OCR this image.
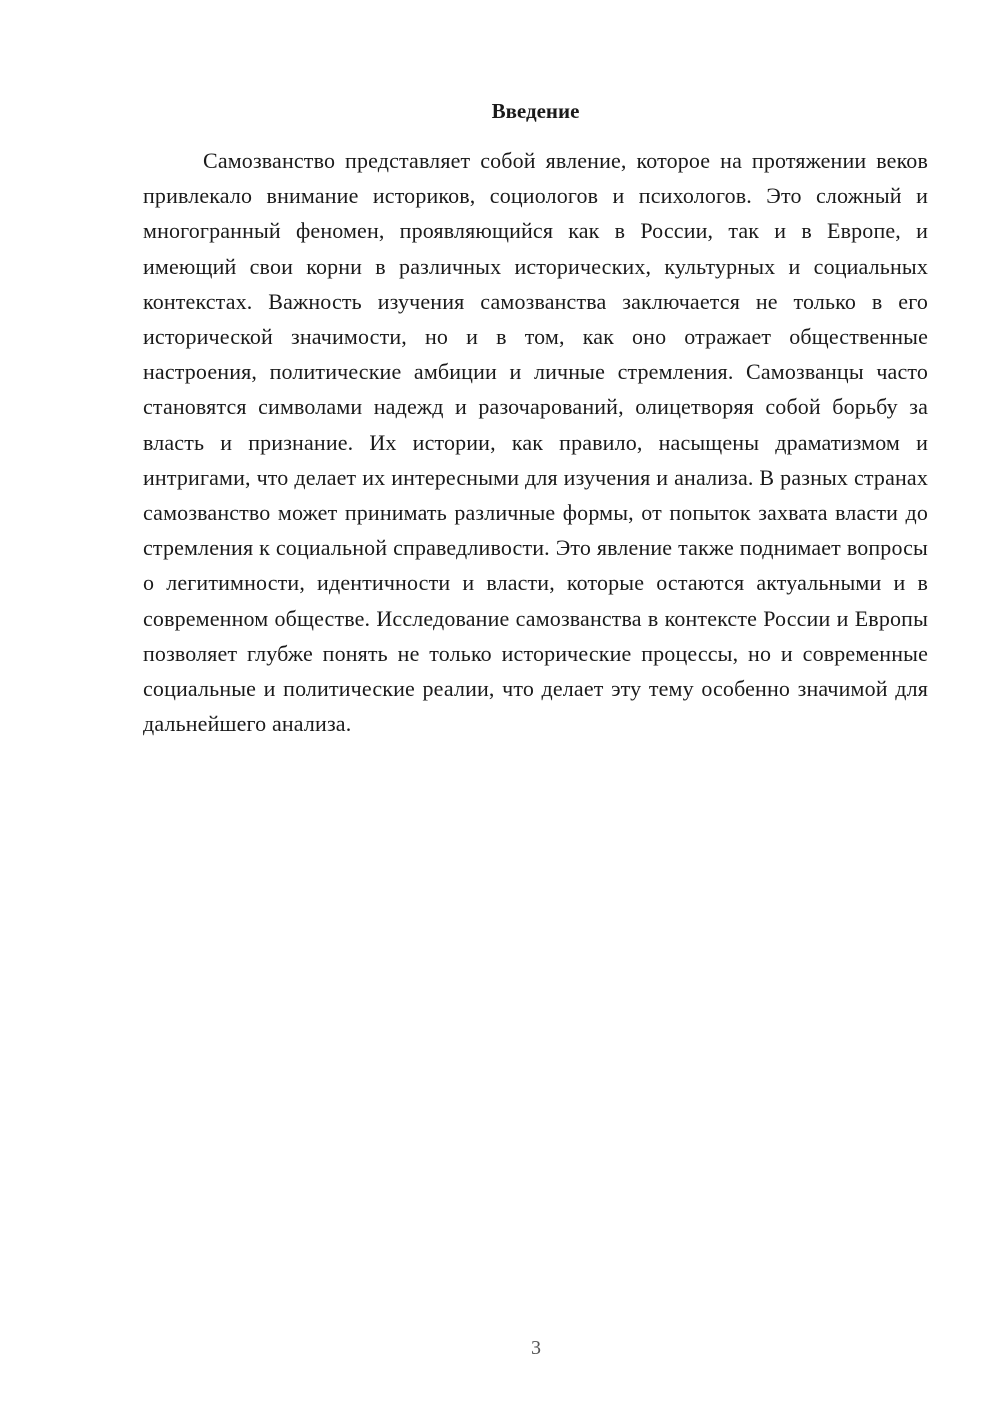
Введение

Самозванство представляет собой явление, которое на протяжении веков привлекало внимание историков, социологов и психологов. Это сложный и многогранный феномен, проявляющийся как в России, так и в Европе, и имеющий свои корни в различных исторических, культурных и социальных контекстах. Важность изучения самозванства заключается не только в его исторической значимости, но и в том, как оно отражает общественные настроения, политические амбиции и личные стремления. Самозванцы часто становятся символами надежд и разочарований, олицетворяя собой борьбу за власть и признание. Их истории, как правило, насыщены драматизмом и интригами, что делает их интересными для изучения и анализа. В разных странах самозванство может принимать различные формы, от попыток захвата власти до стремления к социальной справедливости. Это явление также поднимает вопросы о легитимности, идентичности и власти, которые остаются актуальными и в современном обществе. Исследование самозванства в контексте России и Европы позволяет глубже понять не только исторические процессы, но и современные социальные и политические реалии, что делает эту тему особенно значимой для дальнейшего анализа.

3
